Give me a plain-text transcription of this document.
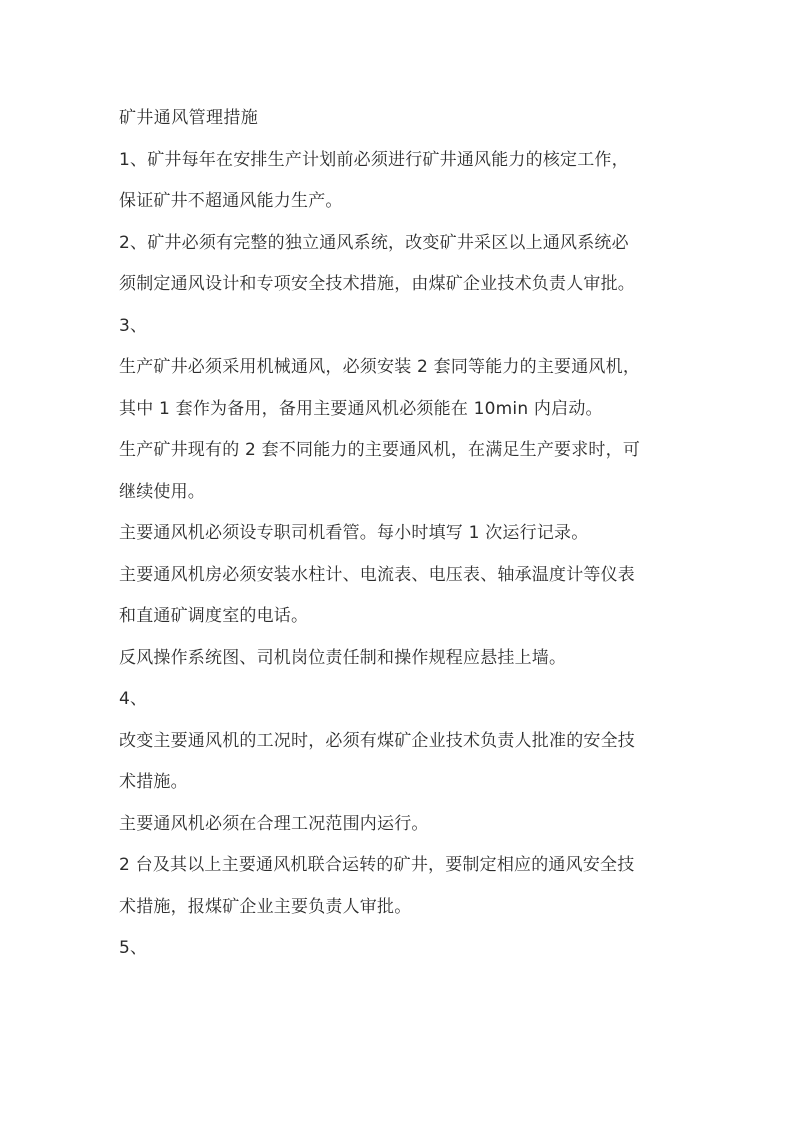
矿井通风管理措施
1、矿井每年在安排生产计划前必须进行矿井通风能力的核定工作，
保证矿井不超通风能力生产。
2、矿井必须有完整的独立通风系统，改变矿井采区以上通风系统必
须制定通风设计和专项安全技术措施，由煤矿企业技术负责人审批。
3、
生产矿井必须采用机械通风，必须安装 2 套同等能力的主要通风机，
其中 1 套作为备用，备用主要通风机必须能在 10min 内启动。
生产矿井现有的 2 套不同能力的主要通风机，在满足生产要求时，可
继续使用。
主要通风机必须设专职司机看管。每小时填写 1 次运行记录。
主要通风机房必须安装水柱计、电流表、电压表、轴承温度计等仪表
和直通矿调度室的电话。
反风操作系统图、司机岗位责任制和操作规程应悬挂上墙。
4、
改变主要通风机的工况时，必须有煤矿企业技术负责人批准的安全技
术措施。
主要通风机必须在合理工况范围内运行。
2 台及其以上主要通风机联合运转的矿井，要制定相应的通风安全技
术措施，报煤矿企业主要负责人审批。
5、
